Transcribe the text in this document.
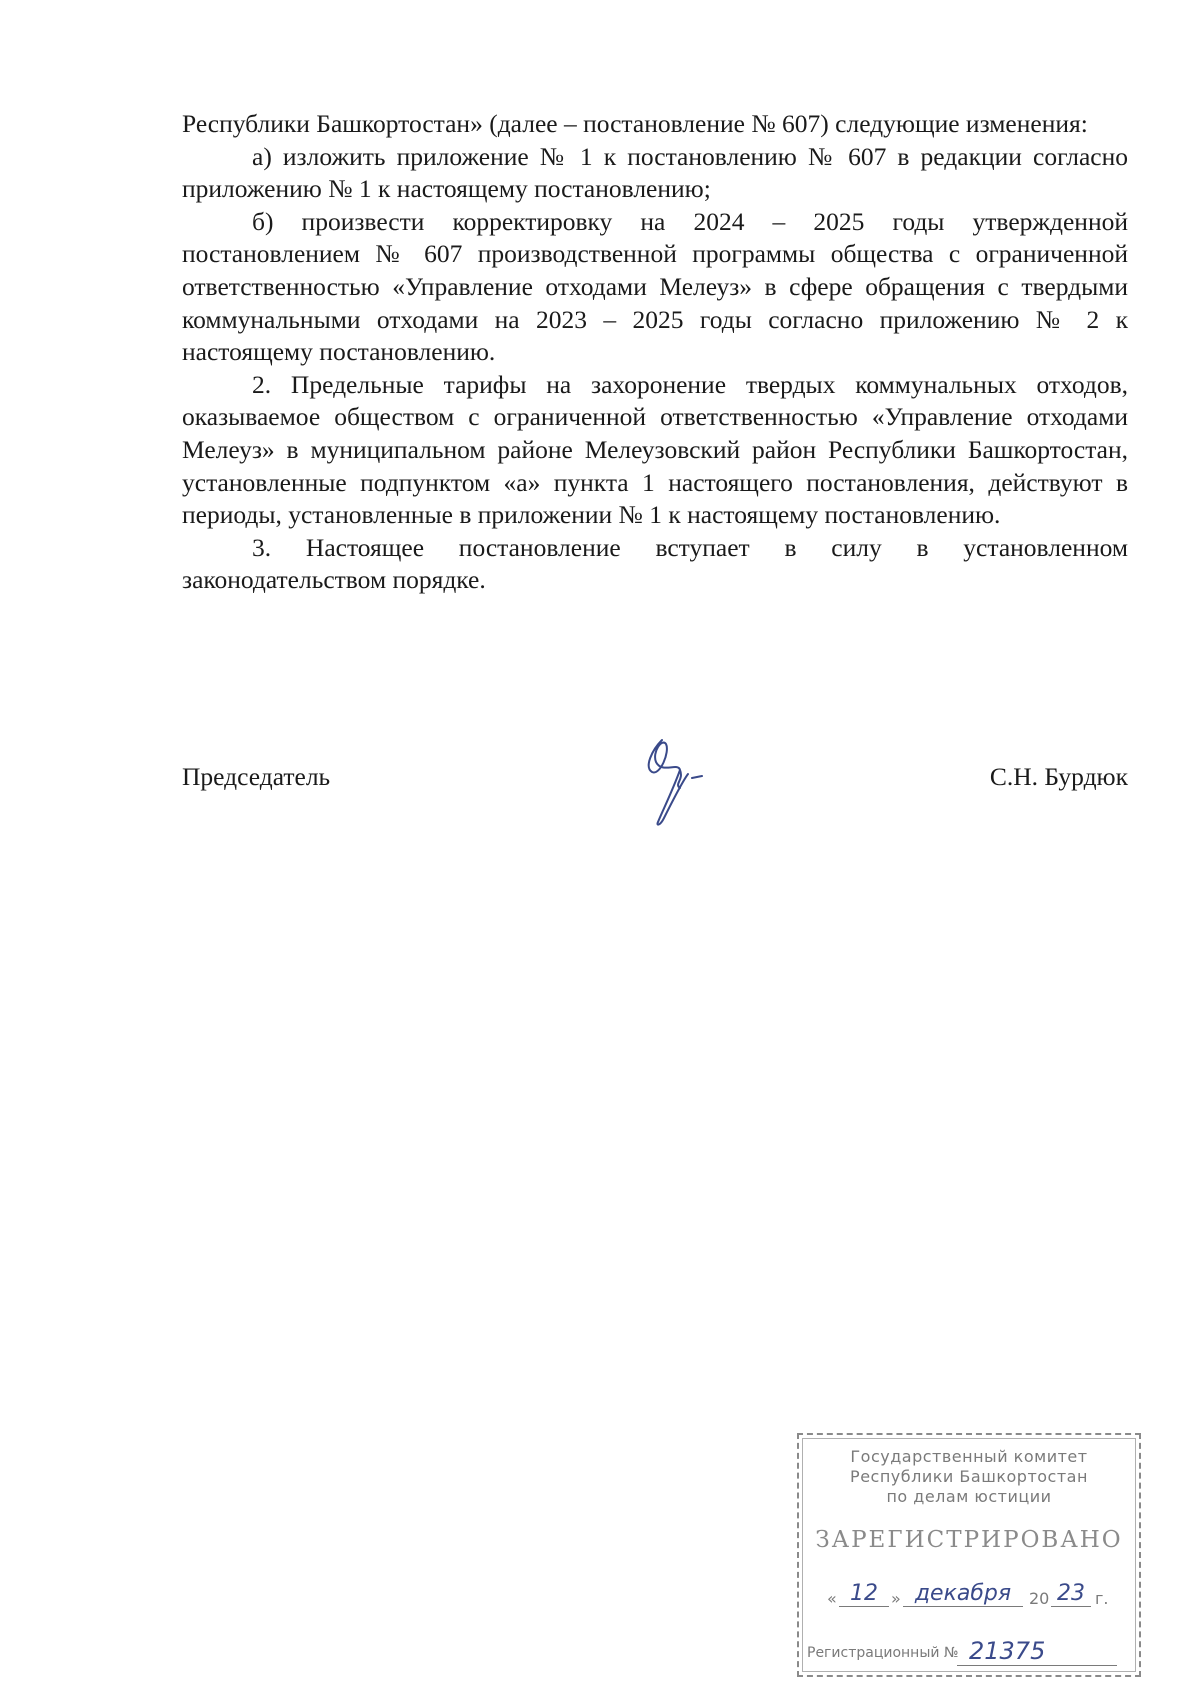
Республики Башкортостан» (далее – постановление № 607) следующие изменения:

а) изложить приложение № 1 к постановлению № 607 в редакции согласно приложению № 1 к настоящему постановлению;

б) произвести корректировку на 2024 – 2025 годы утвержденной постановлением № 607 производственной программы общества с ограниченной ответственностью «Управление отходами Мелеуз» в сфере обращения с твердыми коммунальными отходами на 2023 – 2025 годы согласно приложению № 2 к настоящему постановлению.

2. Предельные тарифы на захоронение твердых коммунальных отходов, оказываемое обществом с ограниченной ответственностью «Управление отходами Мелеуз» в муниципальном районе Мелеузовский район Республики Башкортостан, установленные подпунктом «а» пункта 1 настоящего постановления, действуют в периоды, установленные в приложении № 1 к настоящему постановлению.

3. Настоящее постановление вступает в силу в установленном законодательством порядке.

Председатель	С.Н. Бурдюк
Государственный комитет
Республики Башкортостан
по делам юстиции
ЗАРЕГИСТРИРОВАНО
« 12 » декабря	20 23 г.
Регистрационный № 21375
